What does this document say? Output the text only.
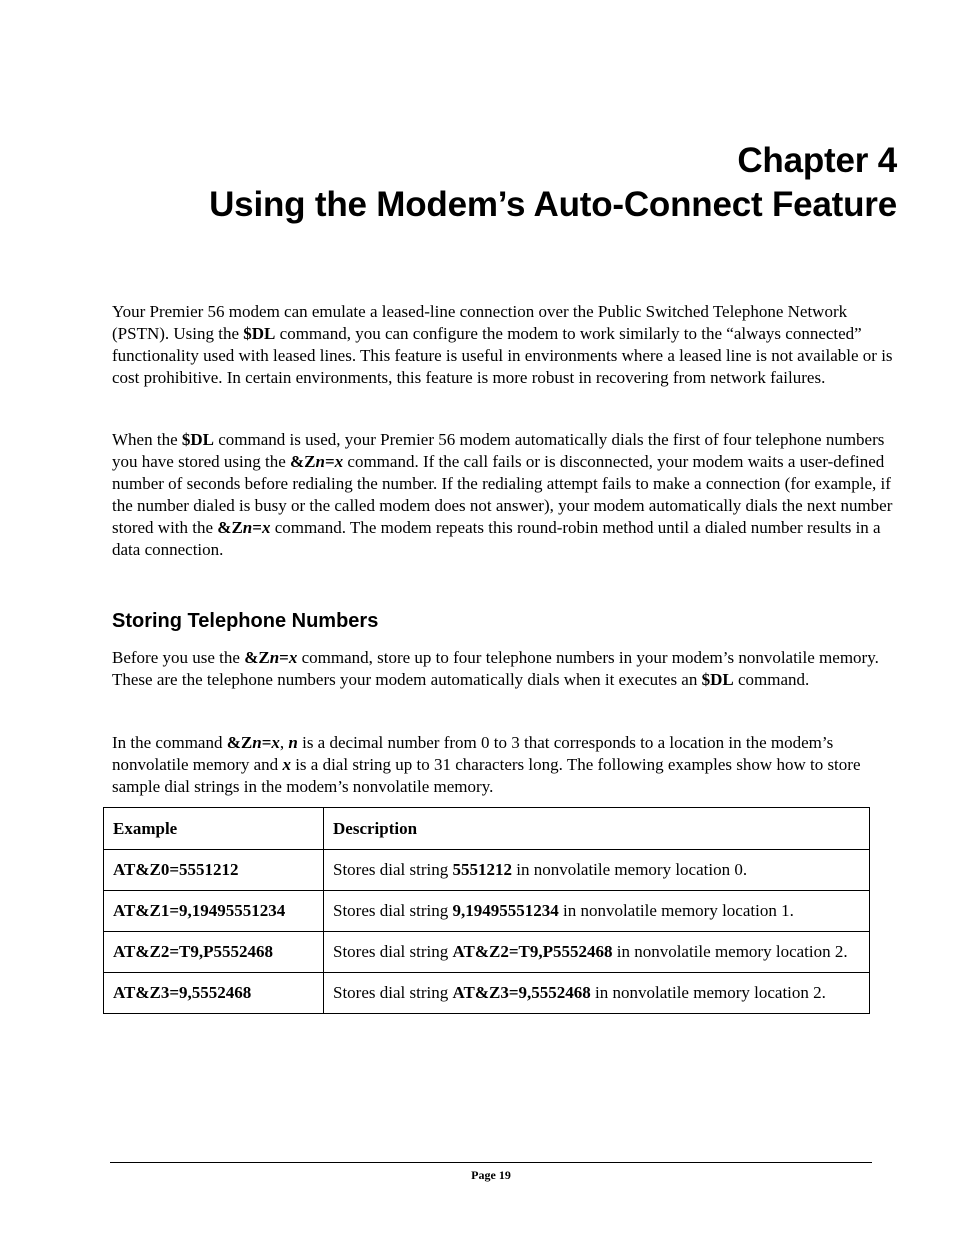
Chapter 4
Using the Modem’s Auto-Connect Feature

Your Premier 56 modem can emulate a leased-line connection over the Public Switched Telephone Network (PSTN). Using the $DL command, you can configure the modem to work similarly to the “always connected” functionality used with leased lines. This feature is useful in environments where a leased line is not available or is cost prohibitive. In certain environments, this feature is more robust in recovering from network failures.

When the $DL command is used, your Premier 56 modem automatically dials the first of four telephone numbers you have stored using the &Zn=x command. If the call fails or is disconnected, your modem waits a user-defined number of seconds before redialing the number. If the redialing attempt fails to make a connection (for example, if the number dialed is busy or the called modem does not answer), your modem automatically dials the next number stored with the &Zn=x command. The modem repeats this round-robin method until a dialed number results in a data connection.

Storing Telephone Numbers

Before you use the &Zn=x command, store up to four telephone numbers in your modem’s nonvolatile memory. These are the telephone numbers your modem automatically dials when it executes an $DL command.

In the command &Zn=x, n is a decimal number from 0 to 3 that corresponds to a location in the modem’s nonvolatile memory and x is a dial string up to 31 characters long. The following examples show how to store sample dial strings in the modem’s nonvolatile memory.

Example	Description
AT&Z0=5551212	Stores dial string 5551212 in nonvolatile memory location 0.
AT&Z1=9,19495551234	Stores dial string 9,19495551234 in nonvolatile memory location 1.
AT&Z2=T9,P5552468	Stores dial string AT&Z2=T9,P5552468 in nonvolatile memory location 2.
AT&Z3=9,5552468	Stores dial string AT&Z3=9,5552468 in nonvolatile memory location 2.
Page 19
